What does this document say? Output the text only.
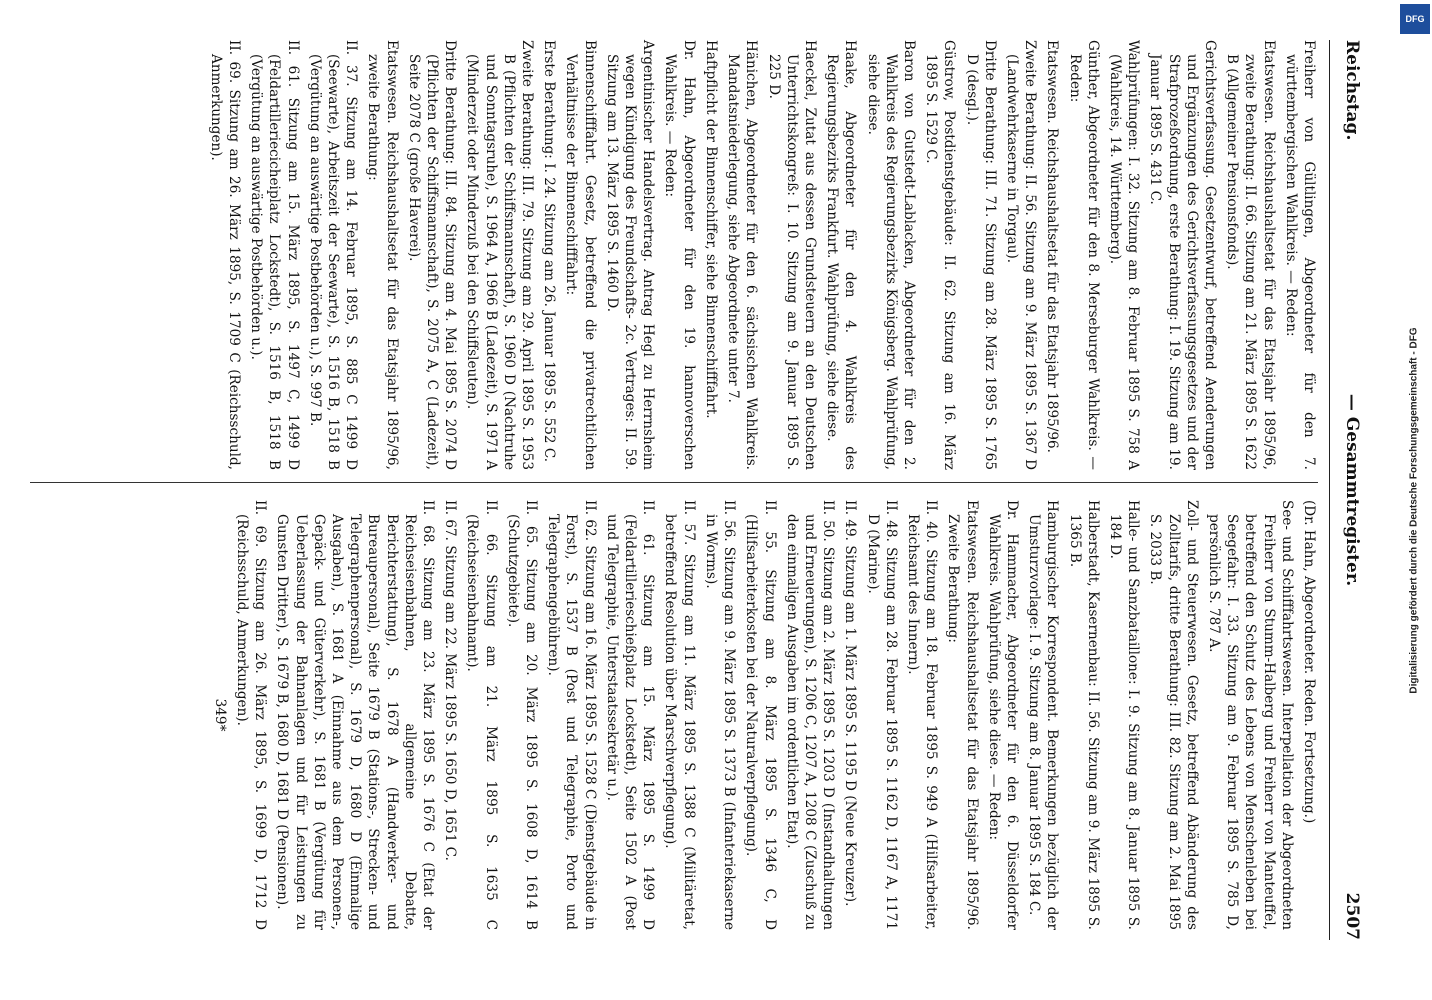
Reichstag.
— Gesammtregister.
2507

Freiherr von Gültlingen, Abgeordneter für den 7. württembergischen Wahlkreis. — Reden:

Etatswesen. Reichshaushaltsetat für das Etatsjahr 1895/96, zweite Berathung: II. 66. Sitzung am 21. März 1895 S. 1622 B (Allgemeiner Pensionsfonds).

Gerichtsverfassung. Gesetzentwurf, betreffend Aenderungen und Ergänzungen des Gerichtsverfassungsgesetzes und der Strafprozeßordnung, erste Berathung: I. 19. Sitzung am 19. Januar 1895 S. 431 C.

Wahlprüfungen: I. 32. Sitzung am 8. Februar 1895 S. 758 A (Wahlkreis, 14. Württemberg).

Günther, Abgeordneter für den 8. Merseburger Wahlkreis. — Reden:

Etatswesen. Reichshaushaltsetat für das Etatsjahr 1895/96.

Zweite Berathung: II. 56. Sitzung am 9. März 1895 S. 1367 D (Landwehrkaserne in Torgau).

Dritte Berathung: III. 71. Sitzung am 28. März 1895 S. 1765 D (desgl.).

Güstrow, Postdienstgebäude: II. 62. Sitzung am 16. März 1895 S. 1529 C.

Baron von Gutstedt-Lablacken, Abgeordneter für den 2. Wahlkreis des Regierungsbezirks Königsberg. Wahlprüfung, siehe diese.

Haake, Abgeordneter für den 4. Wahlkreis des Regierungsbezirks Frankfurt. Wahlprüfung, siehe diese.

Haeckel, Zutat aus dessen Grundsteuern an den Deutschen Unterrichtskongreß: I. 10. Sitzung am 9. Januar 1895 S. 225 D.

Hänichen, Abgeordneter für den 6. sächsischen Wahlkreis. Mandatsniederlegung, siehe Abgeordnete unter 7.

Haftpflicht der Binnenschiffer, siehe Binnenschifffahrt.

Dr. Hahn, Abgeordneter für den 19. hannoverschen Wahlkreis. — Reden:

Argentinischer Handelsvertrag. Antrag Hegl zu Herrnsheim wegen Kündigung des Freundschafts- 2c. Vertrages: II. 59. Sitzung am 13. März 1895 S. 1460 D.

Binnenschifffahrt. Gesetz, betreffend die privatrechtlichen Verhältnisse der Binnenschifffahrt:

Erste Berathung: I. 24. Sitzung am 26. Januar 1895 S. 552 C.

Zweite Berathung: III. 79. Sitzung am 29. April 1895 S. 1953 B (Pflichten der Schiffsmannschaft), S. 1960 D (Nachtruhe und Sonntagsruhe), S. 1964 A, 1966 B (Ladezeit), S. 1971 A (Minderzeit oder Minderzuß bei den Schiffsleuten).

Dritte Berathung: III. 84. Sitzung am 4. Mai 1895 S. 2074 D (Pflichten der Schiffsmannschaft), S. 2075 A, C (Ladezeit), Seite 2078 C (große Haverei).

Etatswesen. Reichshaushaltsetat für das Etatsjahr 1895/96, zweite Berathung:

II. 37. Sitzung am 14. Februar 1895, S. 885 C 1499 D (Seewarte), Arbeitszeit der Seewarte), S. 1516 B, 1518 B (Vergütung an auswärtige Postbehörden u.), S. 997 B.

II. 61. Sitzung am 15. März 1895, S. 1497 C, 1499 D (Feldartilleriecicheiplatz Lockstedt), S. 1516 B, 1518 B (Vergütung an auswärtige Postbehörden u.).

II. 69. Sitzung am 26. März 1895, S. 1709 C (Reichsschuld, Anmerkungen).

(Dr. Hahn, Abgeordneter. Reden. Fortsetzung.)

See- und Schifffahrtswesen. Interpellation der Abgeordneten Freiherr von Stumm-Halberg und Freiherr von Manteuffel, betreffend den Schutz des Lebens von Menschenleben bei Seegefahr: I. 33. Sitzung am 9. Februar 1895 S. 785 D, persönlich S. 787 A.

Zoll- und Steuerwesen. Gesetz, betreffend Abänderung des Zolltarifs, dritte Berathung: III. 82. Sitzung am 2. Mai 1895 S. 2033 B.

Halle- und Sanzbataillone: I. 9. Sitzung am 8. Januar 1895 S. 184 D.

Halberstadt, Kasernenbau: II. 56. Sitzung am 9. März 1895 S. 1365 B.

Hamburgischer Korrespondent. Bemerkungen bezüglich der Umsturzvorlage: I. 9. Sitzung am 8. Januar 1895 S. 184 C.

Dr. Hammacher, Abgeordneter für den 6. Düsseldorfer Wahlkreis. Wahlprüfung, siehe diese. — Reden:

Etatswesen. Reichshaushaltsetat für das Etatsjahr 1895/96. Zweite Berathung:

II. 40. Sitzung am 18. Februar 1895 S. 949 A (Hilfsarbeiter, Reichsamt des Innern).

II. 48. Sitzung am 28. Februar 1895 S. 1162 D, 1167 A, 1171 D (Marine).

II. 49. Sitzung am 1. März 1895 S. 1195 D (Neue Kreuzer).

II. 50. Sitzung am 2. März 1895 S. 1203 D (Instandhaltungen und Erneuerungen), S. 1206 C, 1207 A, 1208 C (Zuschuß zu den einmaligen Ausgaben im ordentlichen Etat).

II. 55. Sitzung am 8. März 1895 S. 1346 C, D (Hilfsarbeiterkosten bei der Naturalverpflegung).

II. 56. Sitzung am 9. März 1895 S. 1373 B (Infanteriekaserne in Worms).

II. 57. Sitzung am 11. März 1895 S. 1388 C (Militäretat, betreffend Resolution über Marschverpflegung).

II. 61. Sitzung am 15. März 1895 S. 1499 D (Feldartillerieschießplatz Lockstedt), Seite 1502 A (Post und Telegraphie, Unterstaatssekretär u.).

II. 62. Sitzung am 16. März 1895 S. 1528 C (Dienstgebäude in Forst), S. 1537 B (Post und Telegraphie, Porto und Telegraphengebühren).

II. 65. Sitzung am 20. März 1895 S. 1608 D, 1614 B (Schutzgebiete).

II. 66. Sitzung am 21. März 1895 S. 1635 C (Reichseisenbahnamt).

II. 67. Sitzung am 22. März 1895 S. 1650 D, 1651 C.

II. 68. Sitzung am 23. März 1895 S. 1676 C (Etat der Reichseisenbahnen, allgemeine Debatte, Berichterstattung), S. 1678 A (Handwerker- und Bureaupersonal), Seite 1679 B (Stations-, Strecken- und Telegraphenpersonal), S. 1679 D, 1680 D (Einmalige Ausgaben), S. 1681 A (Einnahme aus dem Personen-, Gepäck- und Güterverkehr), S. 1681 B (Vergütung für Ueberlassung der Bahnanlagen und für Leistungen zu Gunsten Dritter), S. 1679 B, 1680 D, 1681 D (Pensionen).

II. 69. Sitzung am 26. März 1895, S. 1699 D, 1712 D (Reichsschuld, Anmerkungen).

349*

Digitalisierung gefördert durch die Deutsche Forschungsgemeinschaft - DFG
DFG
